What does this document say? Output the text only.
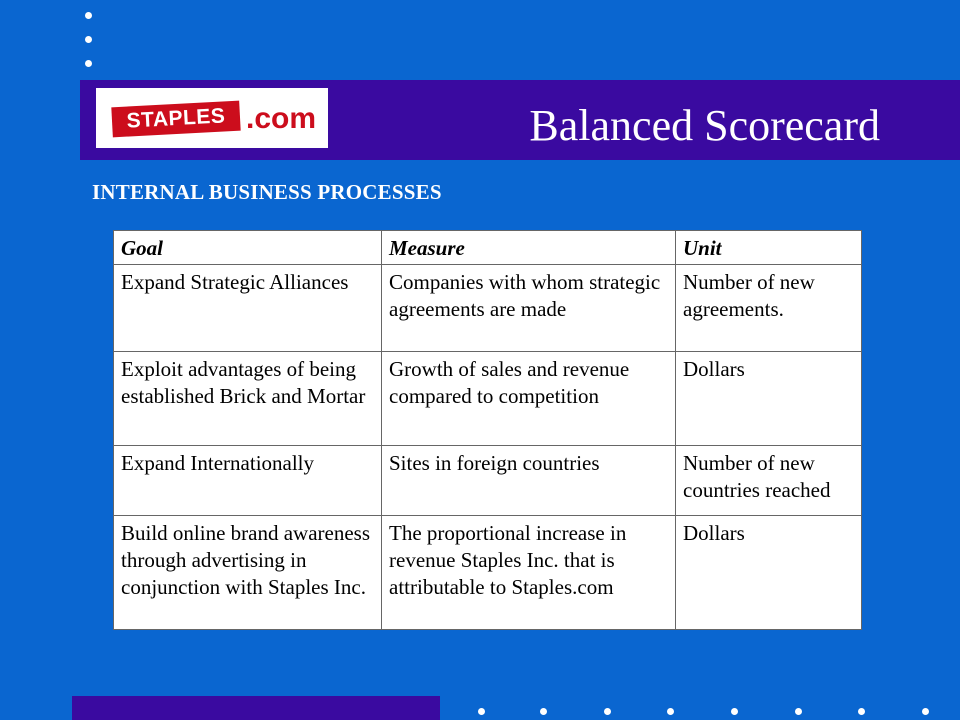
STAPLES .com	Balanced Scorecard
INTERNAL BUSINESS PROCESSES
Goal	Measure	Unit
Expand Strategic Alliances	Companies with whom strategic agreements are made	Number of new agreements.
Exploit advantages of being established Brick and Mortar	Growth of sales and revenue compared to competition	Dollars
Expand Internationally	Sites in foreign countries	Number of new countries reached
Build online brand awareness through advertising in conjunction with Staples Inc.	The proportional increase in revenue Staples Inc. that is attributable to Staples.com	Dollars
